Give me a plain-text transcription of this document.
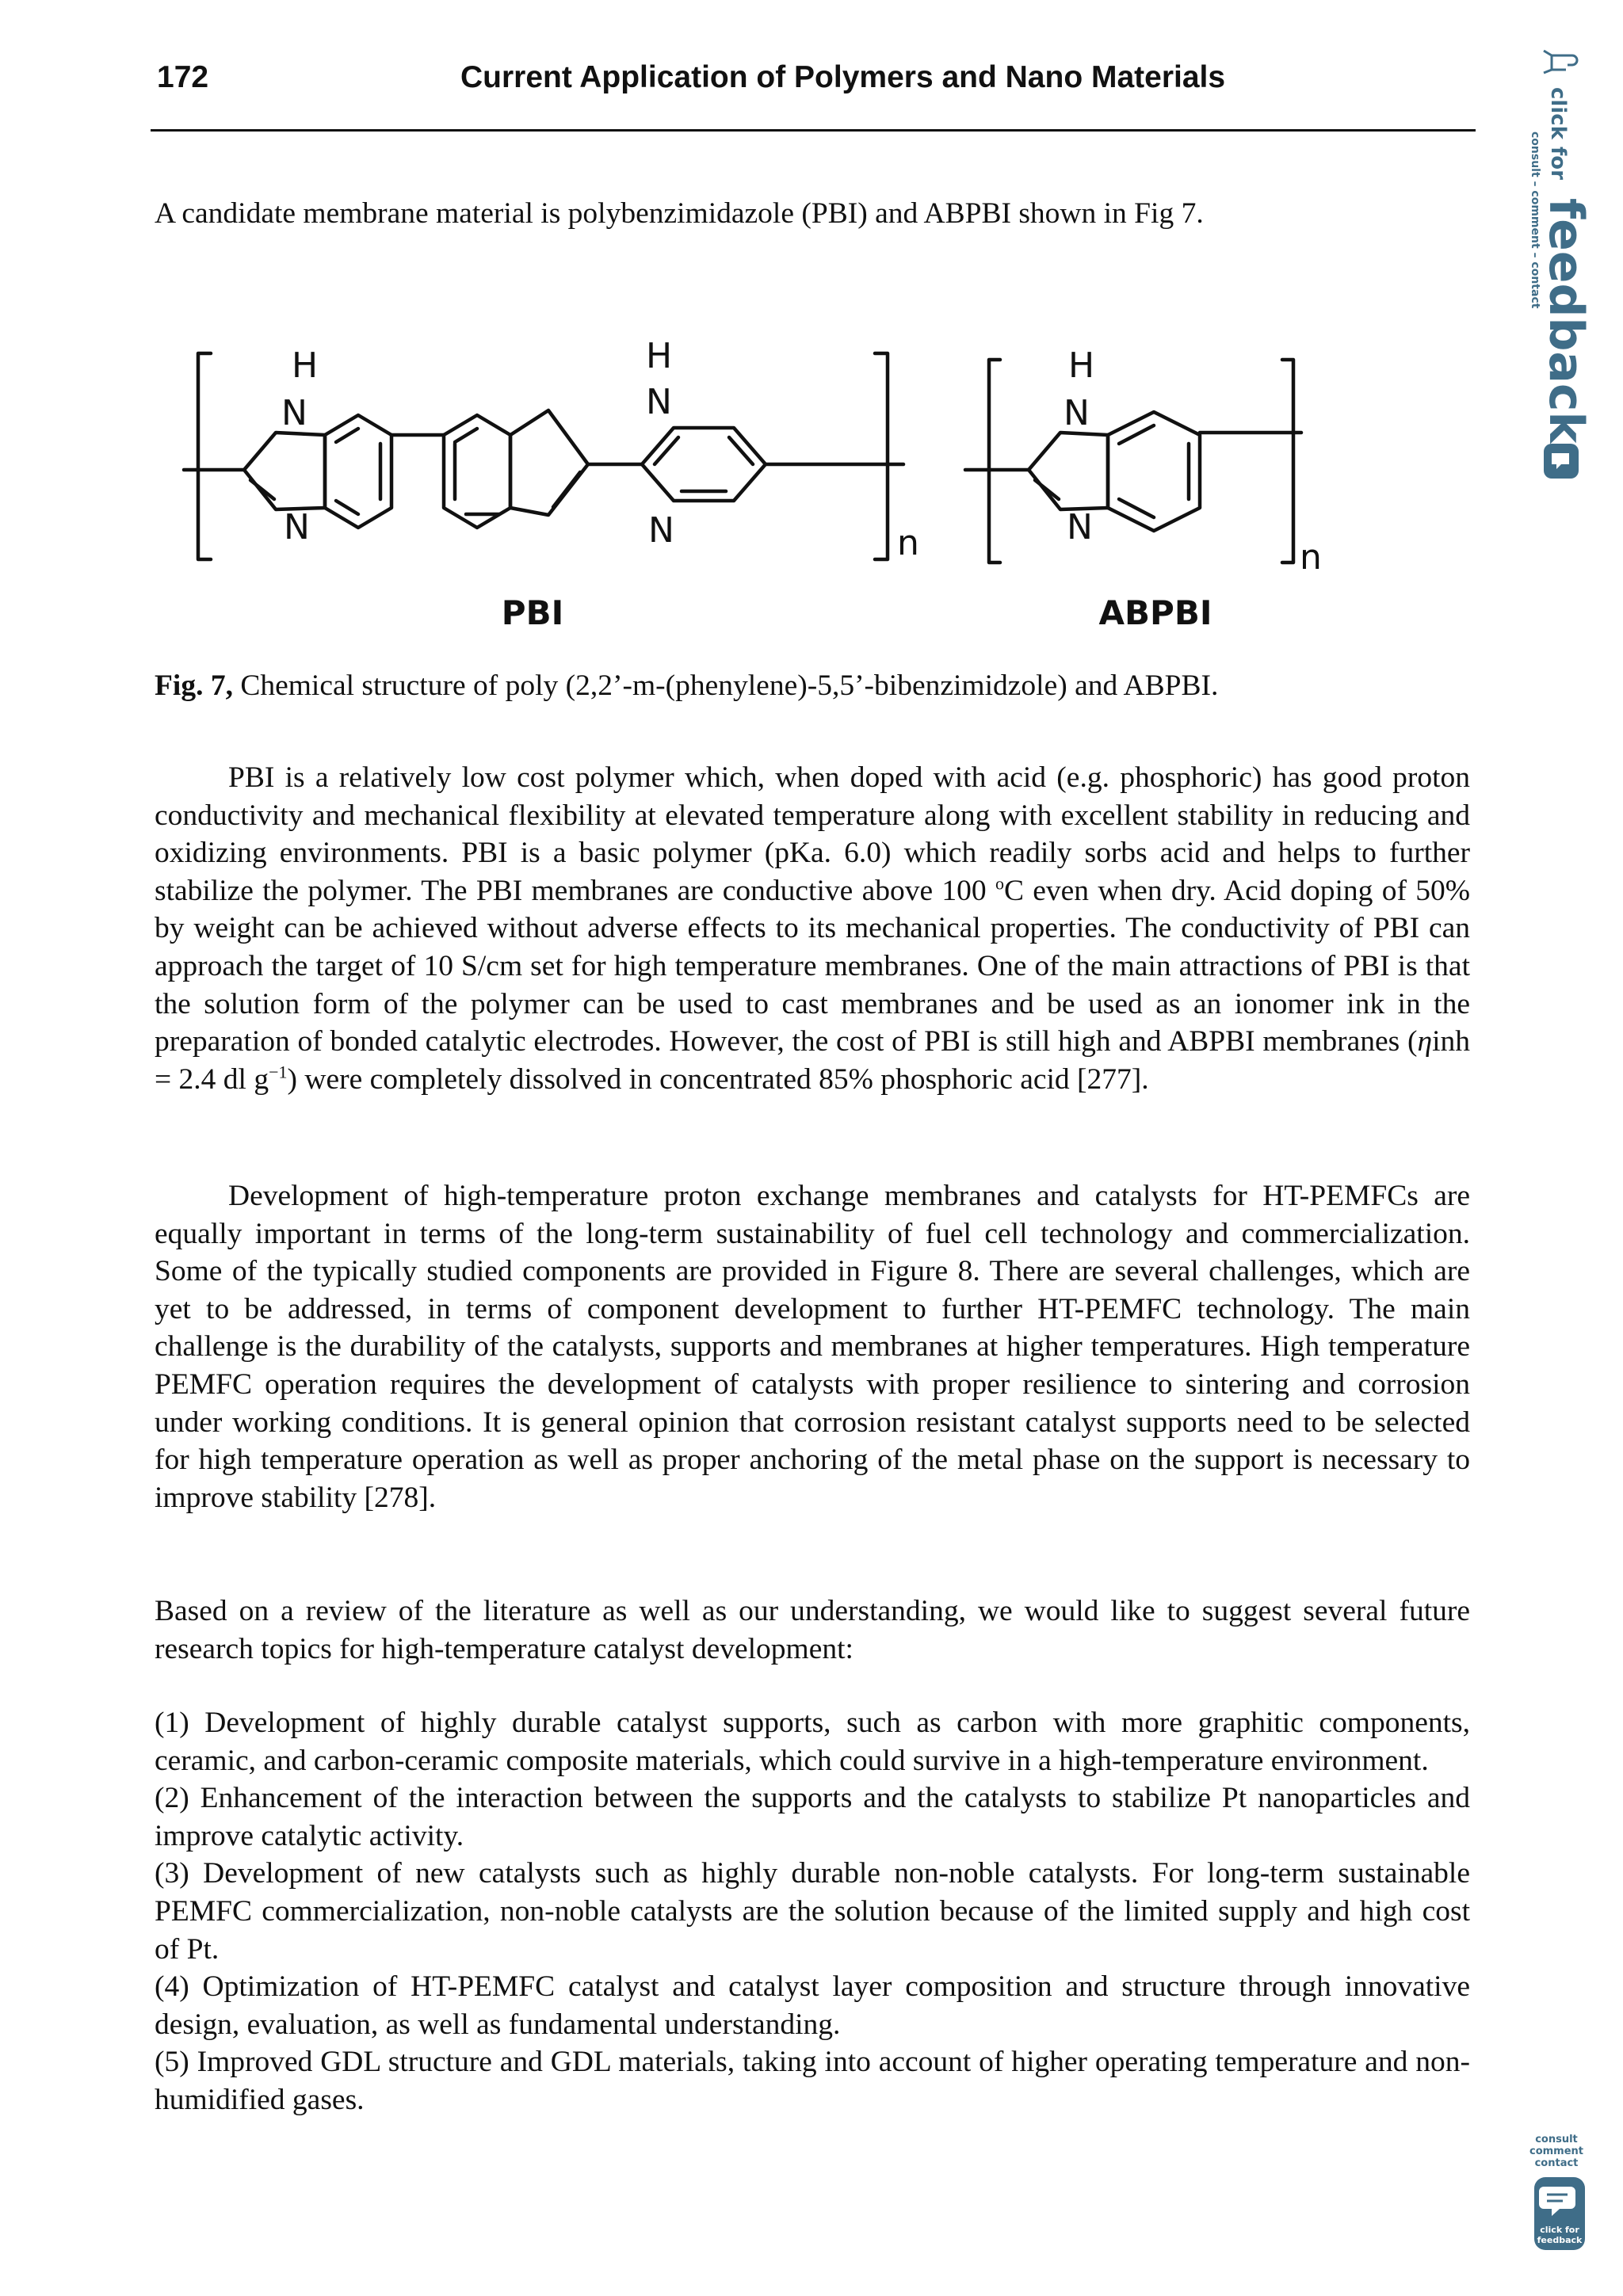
172	Current Application of Polymers and Nano Materials
A candidate membrane material is polybenzimidazole (PBI) and ABPBI shown in Fig 7.
H
N
N
H
N
N	n
H
N
N
n
PBI	ABPBI
Fig. 7, Chemical structure of poly (2,2’-m-(phenylene)-5,5’-bibenzimidzole) and ABPBI.
PBI is a relatively low cost polymer which, when doped with acid (e.g. phosphoric) has good proton conductivity and mechanical flexibility at elevated temperature along with excellent stability in reducing and oxidizing environments. PBI is a basic polymer (pKa. 6.0) which readily sorbs acid and helps to further stabilize the polymer. The PBI membranes are conductive above 100 $^o$C even when dry. Acid doping of 50% by weight can be achieved without adverse effects to its mechanical properties. The conductivity of PBI can approach the target of 10 S/cm set for high temperature membranes. One of the main attractions of PBI is that the solution form of the polymer can be used to cast membranes and be used as an ionomer ink in the preparation of bonded catalytic electrodes. However, the cost of PBI is still high and ABPBI membranes (ηinh = 2.4 dl $g^{-1}$) were completely dissolved in concentrated 85% phosphoric acid [277].
Development of high-temperature proton exchange membranes and catalysts for HT-PEMFCs are equally important in terms of the long-term sustainability of fuel cell technology and commercialization. Some of the typically studied components are provided in Figure 8. There are several challenges, which are yet to be addressed, in terms of component development to further HT-PEMFC technology. The main challenge is the durability of the catalysts, supports and membranes at higher temperatures. High temperature PEMFC operation requires the development of catalysts with proper resilience to sintering and corrosion under working conditions. It is general opinion that corrosion resistant catalyst supports need to be selected for high temperature operation as well as proper anchoring of the metal phase on the support is necessary to improve stability [278].
Based on a review of the literature as well as our understanding, we would like to suggest several future research topics for high-temperature catalyst development:
(1) Development of highly durable catalyst supports, such as carbon with more graphitic components, ceramic, and carbon-ceramic composite materials, which could survive in a high-temperature environment.
(2) Enhancement of the interaction between the supports and the catalysts to stabilize Pt nanoparticles and improve catalytic activity.
(3) Development of new catalysts such as highly durable non-noble catalysts. For long-term sustainable PEMFC commercialization, non-noble catalysts are the solution because of the limited supply and high cost of Pt.
(4) Optimization of HT-PEMFC catalyst and catalyst layer composition and structure through innovative design, evaluation, as well as fundamental understanding.
(5) Improved GDL structure and GDL materials, taking into account of higher operating temperature and non-humidified gases.
click for
consult – comment – contact
feedback
consult
comment
contact
click for
feedback
